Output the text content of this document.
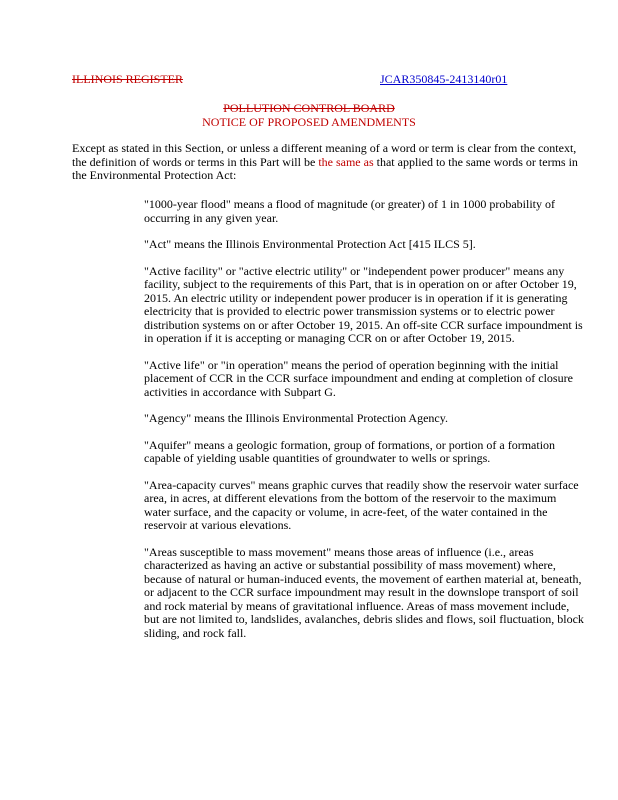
ILLINOIS REGISTER	JCAR350845-2413140r01
POLLUTION CONTROL BOARD
NOTICE OF PROPOSED AMENDMENTS
Except as stated in this Section, or unless a different meaning of a word or term is clear from the context, the definition of words or terms in this Part will be the same as that applied to the same words or terms in the Environmental Protection Act:

"1000-year flood" means a flood of magnitude (or greater) of 1 in 1000 probability of occurring in any given year.

"Act" means the Illinois Environmental Protection Act [415 ILCS 5].

"Active facility" or "active electric utility" or "independent power producer" means any facility, subject to the requirements of this Part, that is in operation on or after October 19, 2015. An electric utility or independent power producer is in operation if it is generating electricity that is provided to electric power transmission systems or to electric power distribution systems on or after October 19, 2015. An off-site CCR surface impoundment is in operation if it is accepting or managing CCR on or after October 19, 2015.

"Active life" or "in operation" means the period of operation beginning with the initial placement of CCR in the CCR surface impoundment and ending at completion of closure activities in accordance with Subpart G.

"Agency" means the Illinois Environmental Protection Agency.

"Aquifer" means a geologic formation, group of formations, or portion of a formation capable of yielding usable quantities of groundwater to wells or springs.

"Area-capacity curves" means graphic curves that readily show the reservoir water surface area, in acres, at different elevations from the bottom of the reservoir to the maximum water surface, and the capacity or volume, in acre-feet, of the water contained in the reservoir at various elevations.

"Areas susceptible to mass movement" means those areas of influence (i.e., areas characterized as having an active or substantial possibility of mass movement) where, because of natural or human-induced events, the movement of earthen material at, beneath, or adjacent to the CCR surface impoundment may result in the downslope transport of soil and rock material by means of gravitational influence. Areas of mass movement include, but are not limited to, landslides, avalanches, debris slides and flows, soil fluctuation, block sliding, and rock fall.
